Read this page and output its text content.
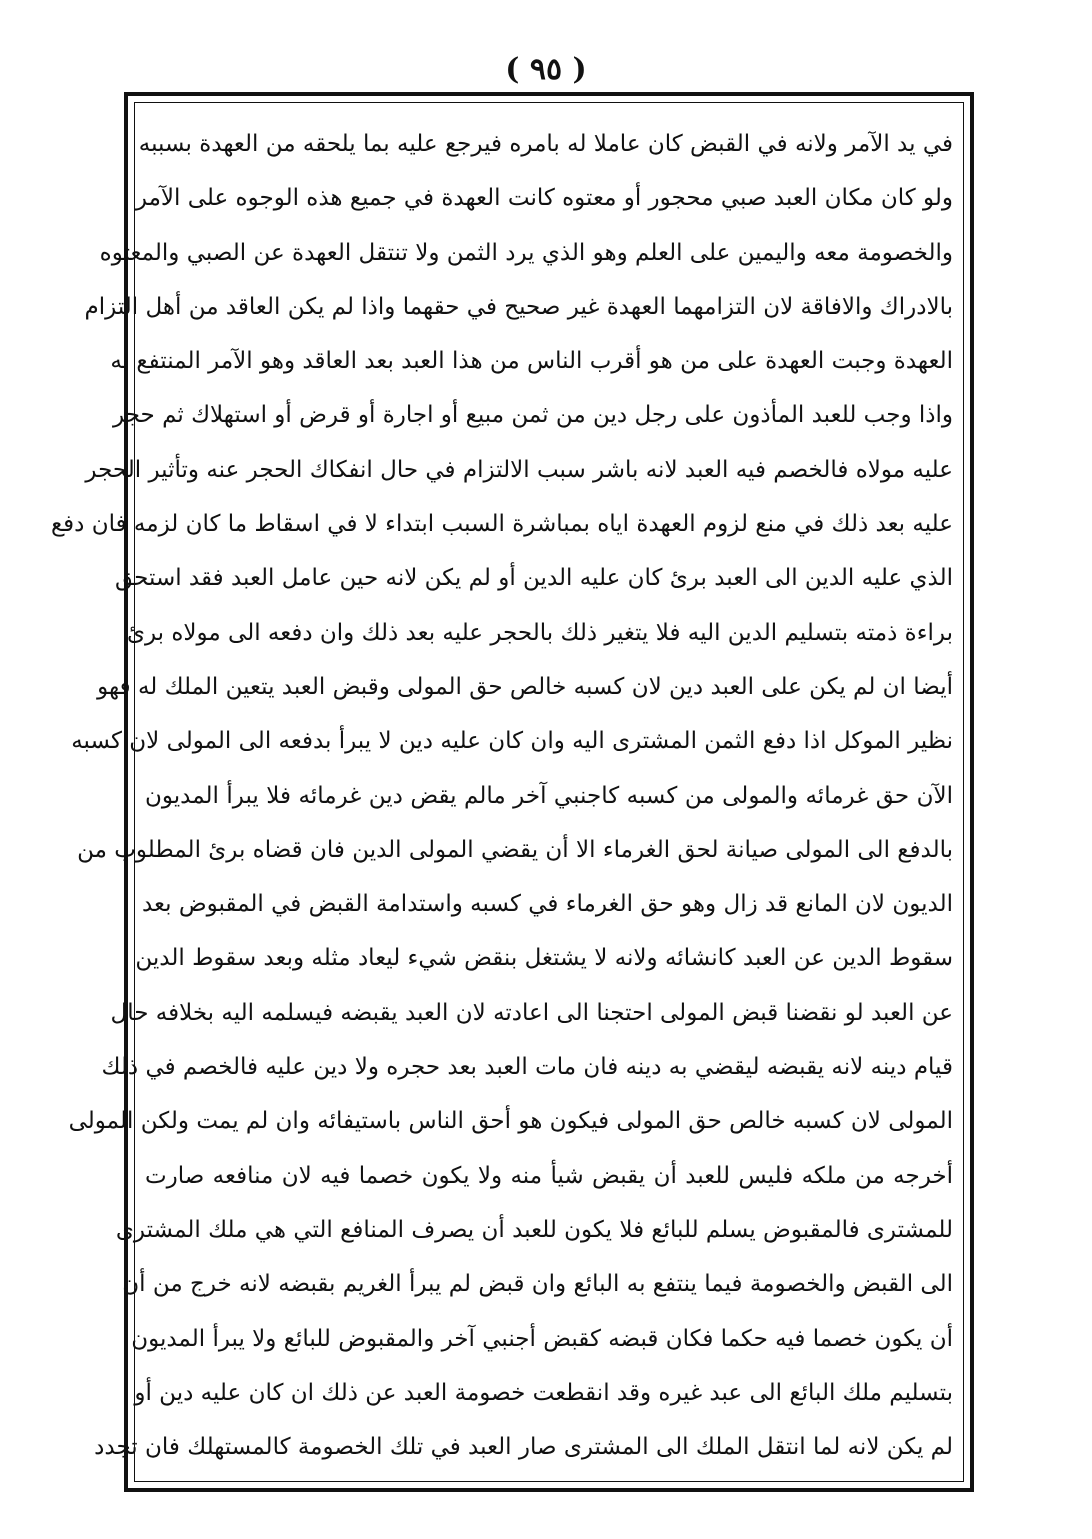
( ٩٥ )
في يد الآمر ولانه في القبض كان عاملا له بامره فيرجع عليه بما يلحقه من العهدة بسببه
ولو كان مكان العبد صبي محجور أو معتوه كانت العهدة في جميع هذه الوجوه على الآمر
والخصومة معه واليمين على العلم وهو الذي يرد الثمن ولا تنتقل العهدة عن الصبي والمعتوه
بالادراك والافاقة لان التزامهما العهدة غير صحيح في حقهما واذا لم يكن العاقد من أهل التزام
العهدة وجبت العهدة على من هو أقرب الناس من هذا العبد بعد العاقد وهو الآمر المنتفع به
واذا وجب للعبد المأذون على رجل دين من ثمن مبيع أو اجارة أو قرض أو استهلاك ثم حجر
عليه مولاه فالخصم فيه العبد لانه باشر سبب الالتزام في حال انفكاك الحجر عنه وتأثير الحجر
عليه بعد ذلك في منع لزوم العهدة اياه بمباشرة السبب ابتداء لا في اسقاط ما كان لزمه فان دفع
الذي عليه الدين الى العبد برئ كان عليه الدين أو لم يكن لانه حين عامل العبد فقد استحق
براءة ذمته بتسليم الدين اليه فلا يتغير ذلك بالحجر عليه بعد ذلك وان دفعه الى مولاه برئ
أيضا ان لم يكن على العبد دين لان كسبه خالص حق المولى وقبض العبد يتعين الملك له فهو
نظير الموكل اذا دفع الثمن المشترى اليه وان كان عليه دين لا يبرأ بدفعه الى المولى لان كسبه
الآن حق غرمائه والمولى من كسبه كاجنبي آخر مالم يقض دين غرمائه فلا يبرأ المديون
بالدفع الى المولى صيانة لحق الغرماء الا أن يقضي المولى الدين فان قضاه برئ المطلوب من
الديون لان المانع قد زال وهو حق الغرماء في كسبه واستدامة القبض في المقبوض بعد
سقوط الدين عن العبد كانشائه ولانه لا يشتغل بنقض شيء ليعاد مثله وبعد سقوط الدين
عن العبد لو نقضنا قبض المولى احتجنا الى اعادته لان العبد يقبضه فيسلمه اليه بخلافه حال
قيام دينه لانه يقبضه ليقضي به دينه فان مات العبد بعد حجره ولا دين عليه فالخصم في ذلك
المولى لان كسبه خالص حق المولى فيكون هو أحق الناس باستيفائه وان لم يمت ولكن المولى
أخرجه من ملكه فليس للعبد أن يقبض شيأ منه ولا يكون خصما فيه لان منافعه صارت
للمشترى فالمقبوض يسلم للبائع فلا يكون للعبد أن يصرف المنافع التي هي ملك المشترى
الى القبض والخصومة فيما ينتفع به البائع وان قبض لم يبرأ الغريم بقبضه لانه خرج من أن
أن يكون خصما فيه حكما فكان قبضه كقبض أجنبي آخر والمقبوض للبائع ولا يبرأ المديون
بتسليم ملك البائع الى عبد غيره وقد انقطعت خصومة العبد عن ذلك ان كان عليه دين أو
لم يكن لانه لما انتقل الملك الى المشترى صار العبد في تلك الخصومة كالمستهلك فان تجدد
